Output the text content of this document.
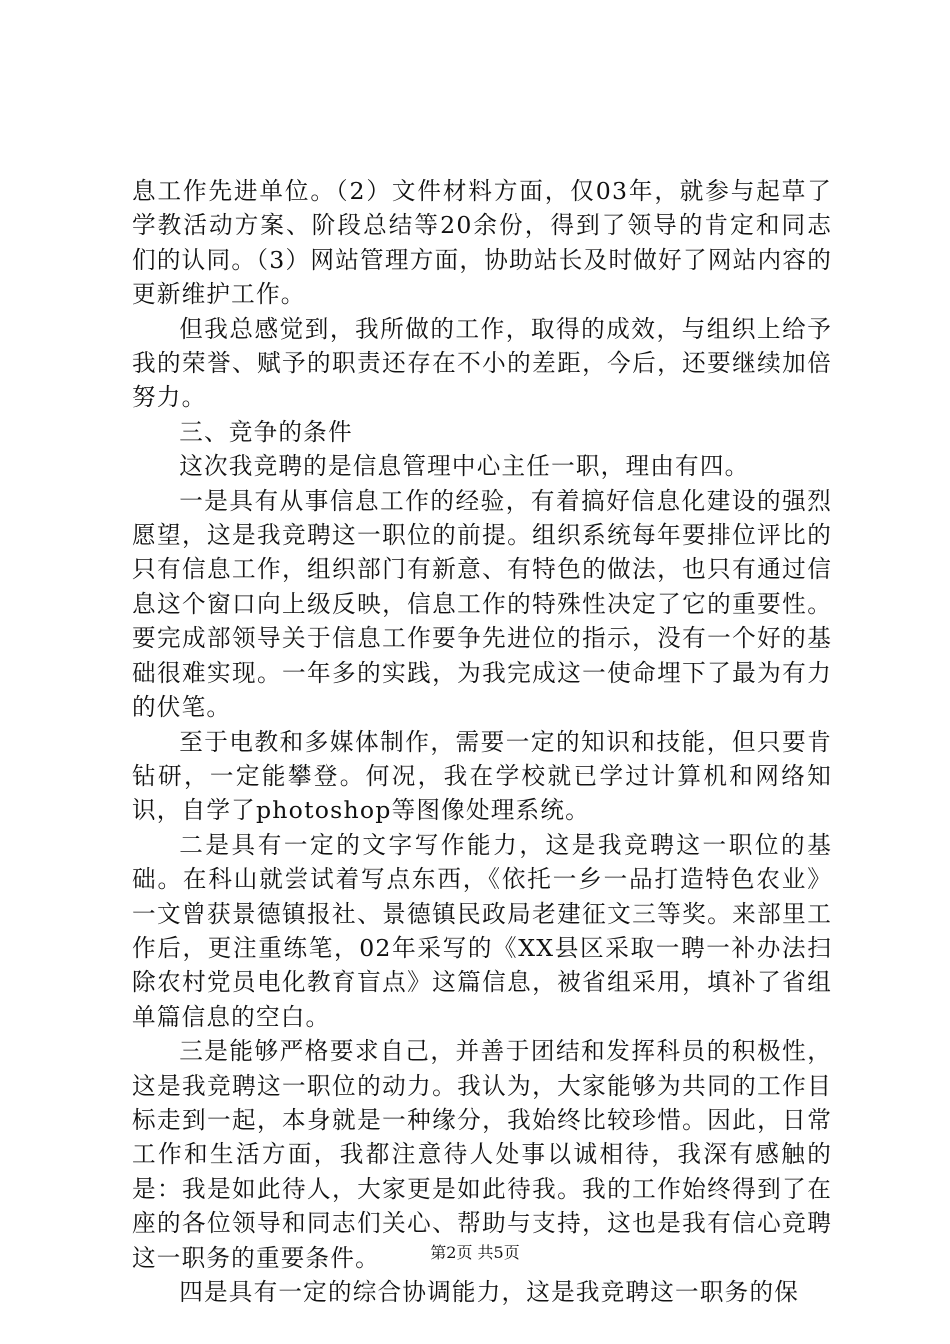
息工作先进单位。（2）文件材料方面，仅03年，就参与起草了学教活动方案、阶段总结等20余份，得到了领导的肯定和同志们的认同。（3）网站管理方面，协助站长及时做好了网站内容的更新维护工作。

但我总感觉到，我所做的工作，取得的成效，与组织上给予我的荣誉、赋予的职责还存在不小的差距，今后，还要继续加倍努力。

三、竞争的条件

这次我竞聘的是信息管理中心主任一职，理由有四。

一是具有从事信息工作的经验，有着搞好信息化建设的强烈愿望，这是我竞聘这一职位的前提。组织系统每年要排位评比的只有信息工作，组织部门有新意、有特色的做法，也只有通过信息这个窗口向上级反映，信息工作的特殊性决定了它的重要性。要完成部领导关于信息工作要争先进位的指示，没有一个好的基础很难实现。一年多的实践，为我完成这一使命埋下了最为有力的伏笔。

至于电教和多媒体制作，需要一定的知识和技能，但只要肯钻研，一定能攀登。何况，我在学校就已学过计算机和网络知识，自学了photoshop等图像处理系统。

二是具有一定的文字写作能力，这是我竞聘这一职位的基础。在科山就尝试着写点东西，《依托一乡一品打造特色农业》一文曾获景德镇报社、景德镇民政局老建征文三等奖。来部里工作后，更注重练笔，02年采写的《XX县区采取一聘一补办法扫除农村党员电化教育盲点》这篇信息，被省组采用，填补了省组单篇信息的空白。

三是能够严格要求自己，并善于团结和发挥科员的积极性，这是我竞聘这一职位的动力。我认为，大家能够为共同的工作目标走到一起，本身就是一种缘分，我始终比较珍惜。因此，日常工作和生活方面，我都注意待人处事以诚相待，我深有感触的是：我是如此待人，大家更是如此待我。我的工作始终得到了在座的各位领导和同志们关心、帮助与支持，这也是我有信心竞聘这一职务的重要条件。

四是具有一定的综合协调能力，这是我竞聘这一职务的保

第2页 共5页
